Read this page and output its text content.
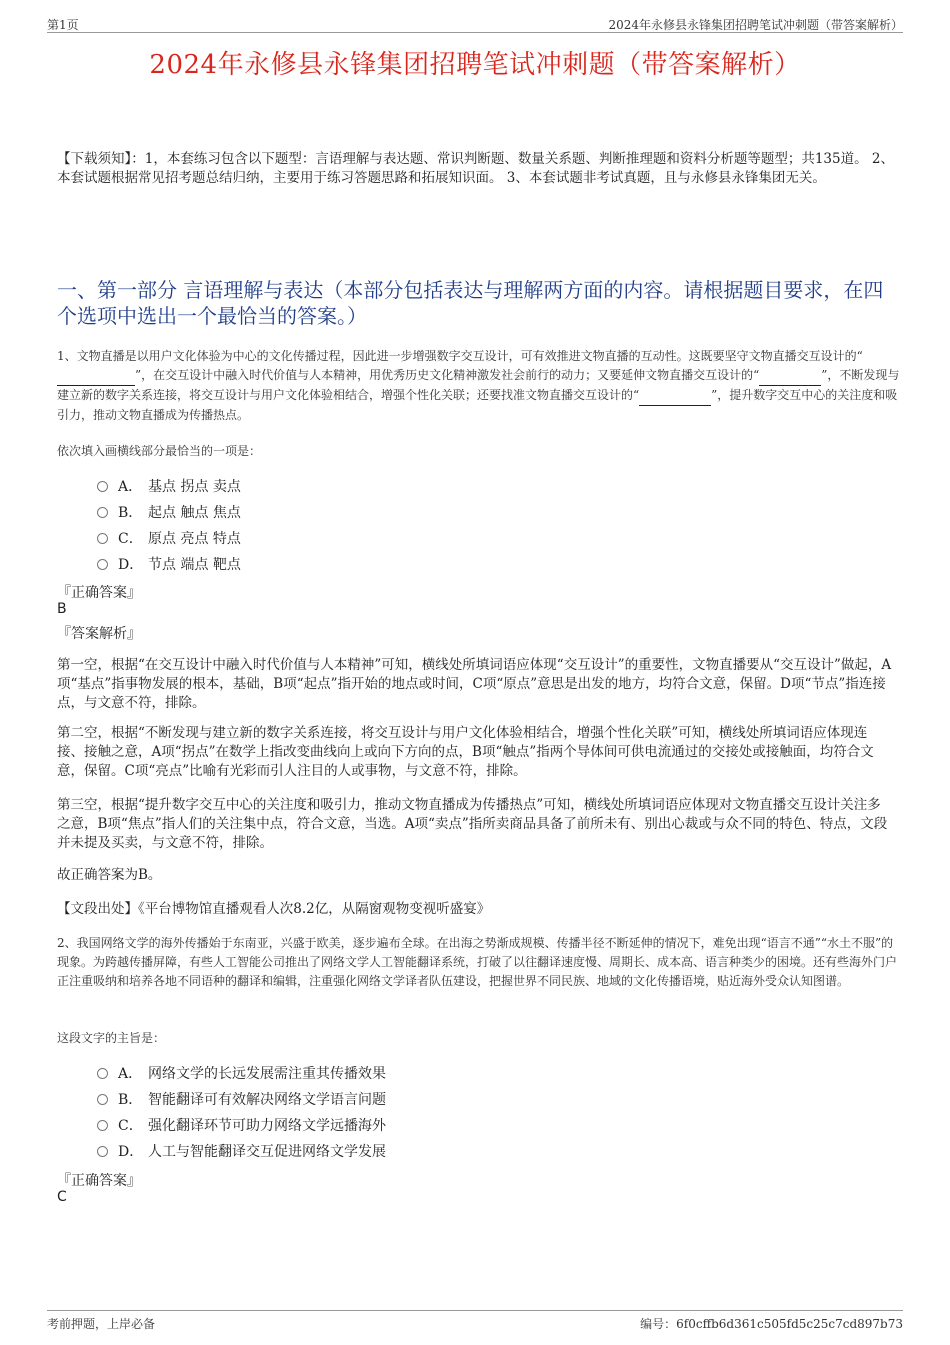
第1页	2024年永修县永锋集团招聘笔试冲刺题（带答案解析）
2024年永修县永锋集团招聘笔试冲刺题（带答案解析）
【下载须知】：1，本套练习包含以下题型：言语理解与表达题、常识判断题、数量关系题、判断推理题和资料分析题等题型；共135道。 2、本套试题根据常见招考题总结归纳，主要用于练习答题思路和拓展知识面。 3、本套试题非考试真题，且与永修县永锋集团无关。
一、第一部分 言语理解与表达（本部分包括表达与理解两方面的内容。请根据题目要求，在四个选项中选出一个最恰当的答案。）

1、文物直播是以用户文化体验为中心的文化传播过程，因此进一步增强数字交互设计，可有效推进文物直播的互动性。这既要坚守文物直播交互设计的“ ”，在交互设计中融入时代价值与人本精神，用优秀历史文化精神激发社会前行的动力；又要延伸文物直播交互设计的“	”，不断发现与建立新的数字关系连接，将交互设计与用户文化体验相结合，增强个性化关联；还要找准文物直播交互设计的“	”，提升数字交互中心的关注度和吸引力，推动文物直播成为传播热点。

依次填入画横线部分最恰当的一项是：
A． 基点 拐点 卖点
B． 起点 触点 焦点
C． 原点 亮点 特点
D． 节点 端点 靶点
『正确答案』
B
『答案解析』

第一空，根据“在交互设计中融入时代价值与人本精神”可知，横线处所填词语应体现“交互设计”的重要性，文物直播要从“交互设计”做起，A项“基点”指事物发展的根本，基础，B项“起点”指开始的地点或时间，C项“原点”意思是出发的地方，均符合文意，保留。D项“节点”指连接点，与文意不符，排除。

第二空，根据“不断发现与建立新的数字关系连接，将交互设计与用户文化体验相结合，增强个性化关联”可知，横线处所填词语应体现连接、接触之意，A项“拐点”在数学上指改变曲线向上或向下方向的点，B项“触点”指两个导体间可供电流通过的交接处或接触面，均符合文意，保留。C项“亮点”比喻有光彩而引人注目的人或事物，与文意不符，排除。

第三空，根据“提升数字交互中心的关注度和吸引力，推动文物直播成为传播热点”可知，横线处所填词语应体现对文物直播交互设计关注多之意，B项“焦点”指人们的关注集中点，符合文意，当选。A项“卖点”指所卖商品具备了前所未有、别出心裁或与众不同的特色、特点，文段并未提及买卖，与文意不符，排除。

故正确答案为B。

【文段出处】《平台博物馆直播观看人次8.2亿，从隔窗观物变视听盛宴》

2、我国网络文学的海外传播始于东南亚，兴盛于欧美，逐步遍布全球。在出海之势渐成规模、传播半径不断延伸的情况下，难免出现“语言不通”“水土不服”的现象。为跨越传播屏障，有些人工智能公司推出了网络文学人工智能翻译系统，打破了以往翻译速度慢、周期长、成本高、语言种类少的困境。还有些海外门户正注重吸纳和培养各地不同语种的翻译和编辑，注重强化网络文学译者队伍建设，把握世界不同民族、地域的文化传播语境，贴近海外受众认知图谱。

这段文字的主旨是：
A． 网络文学的长远发展需注重其传播效果
B． 智能翻译可有效解决网络文学语言问题
C． 强化翻译环节可助力网络文学远播海外
D． 人工与智能翻译交互促进网络文学发展
『正确答案』
C
考前押题，上岸必备	编号：6f0cffb6d361c505fd5c25c7cd897b73
